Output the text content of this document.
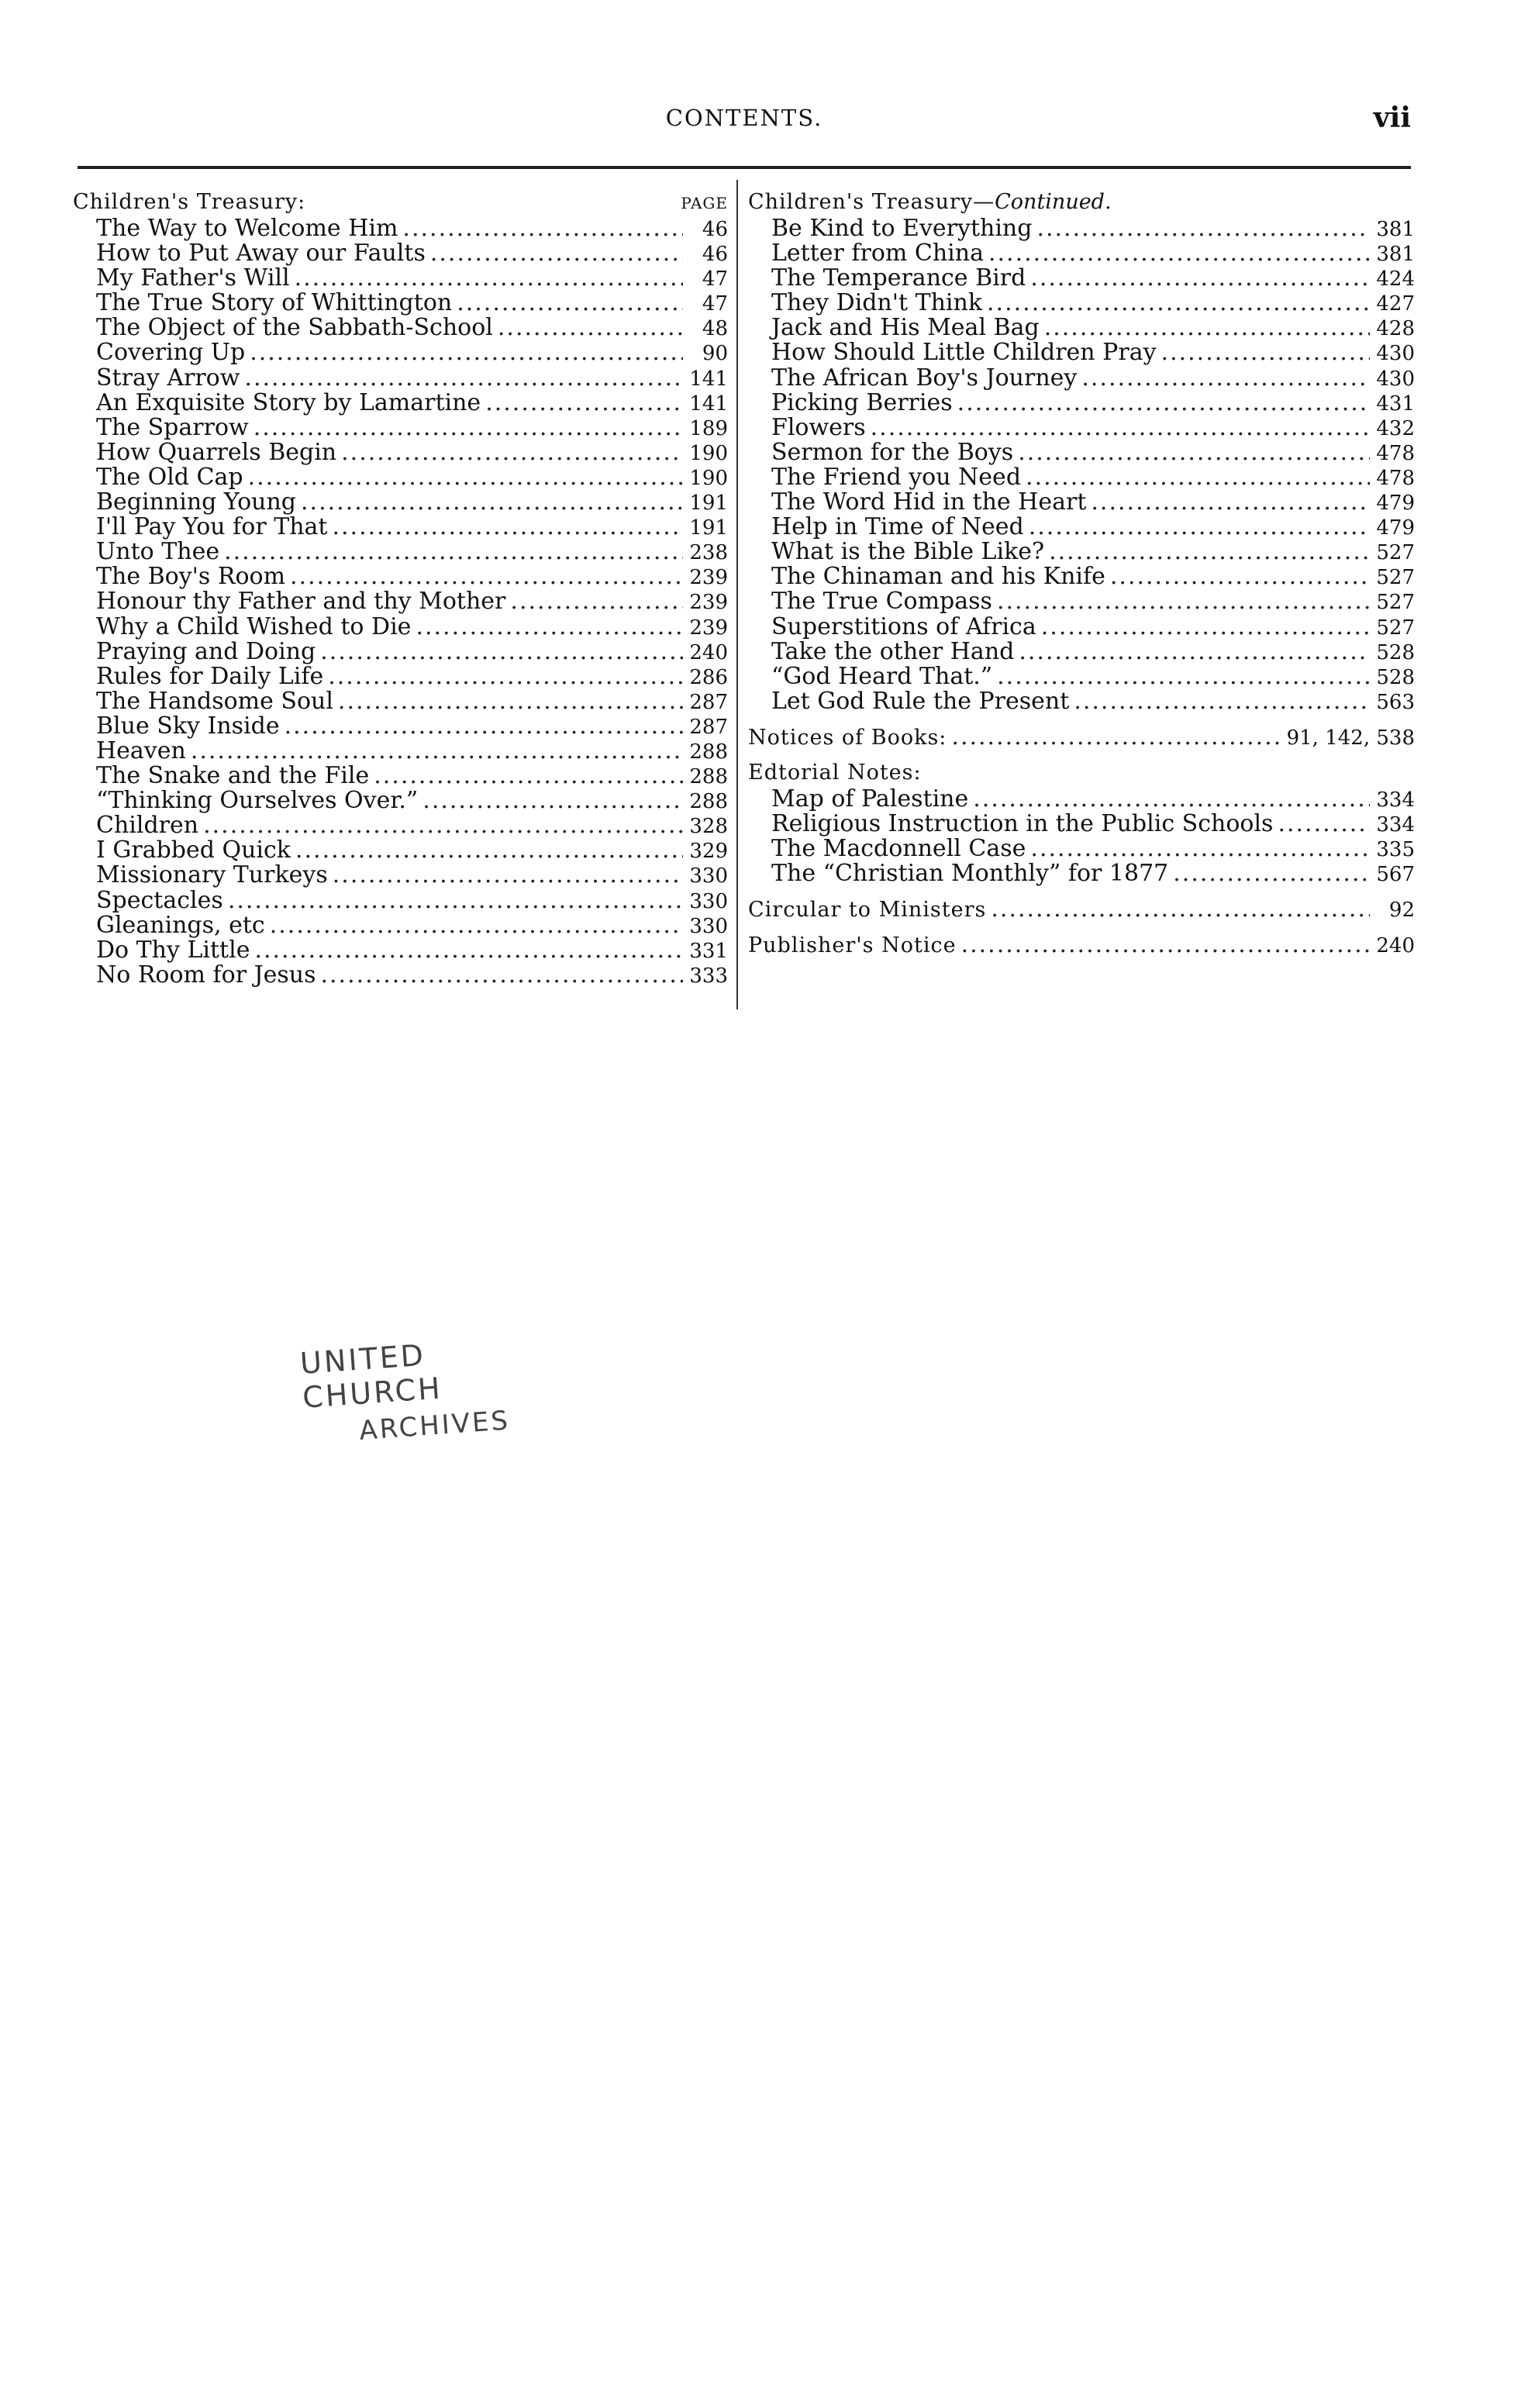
CONTENTS.	vii
Children's Treasury:	PAGE
The Way to Welcome Him .....	46
How to Put Away our Faults .....	46
My Father's Will .....	47
The True Story of Whittington .....	47
The Object of the Sabbath-School .....	48
Covering Up .....	90
Stray Arrow .....	141
An Exquisite Story by Lamartine .....	141
The Sparrow .....	189
How Quarrels Begin .....	190
The Old Cap .....	190
Beginning Young .....	191
I'll Pay You for That .....	191
Unto Thee .....	238
The Boy's Room .....	239
Honour thy Father and thy Mother .....	239
Why a Child Wished to Die .....	239
Praying and Doing .....	240
Rules for Daily Life .....	286
The Handsome Soul .....	287
Blue Sky Inside .....	287
Heaven .....	288
The Snake and the File .....	288
“Thinking Ourselves Over.” .....	288
Children .....	328
I Grabbed Quick .....	329
Missionary Turkeys .....	330
Spectacles .....	330
Gleanings, etc .....	330
Do Thy Little .....	331
No Room for Jesus .....	333
Children's Treasury—Continued.
Be Kind to Everything .....	381
Letter from China .....	381
The Temperance Bird .....	424
They Didn't Think .....	427
Jack and His Meal Bag .....	428
How Should Little Children Pray .....	430
The African Boy's Journey .....	430
Picking Berries .....	431
Flowers .....	432
Sermon for the Boys .....	478
The Friend you Need .....	478
The Word Hid in the Heart .....	479
Help in Time of Need .....	479
What is the Bible Like? .....	527
The Chinaman and his Knife .....	527
The True Compass .....	527
Superstitions of Africa .....	527
Take the other Hand .....	528
“God Heard That.” .....	528
Let God Rule the Present .....	563
Notices of Books: .....	91, 142, 538
Edtorial Notes:
Map of Palestine .....	334
Religious Instruction in the Public Schools .....	334
The Macdonnell Case .....	335
The “Christian Monthly” for 1877 .....	567
Circular to Ministers .....	92
Publisher's Notice .....	240
UNITED CHURCH
ARCHIVES
